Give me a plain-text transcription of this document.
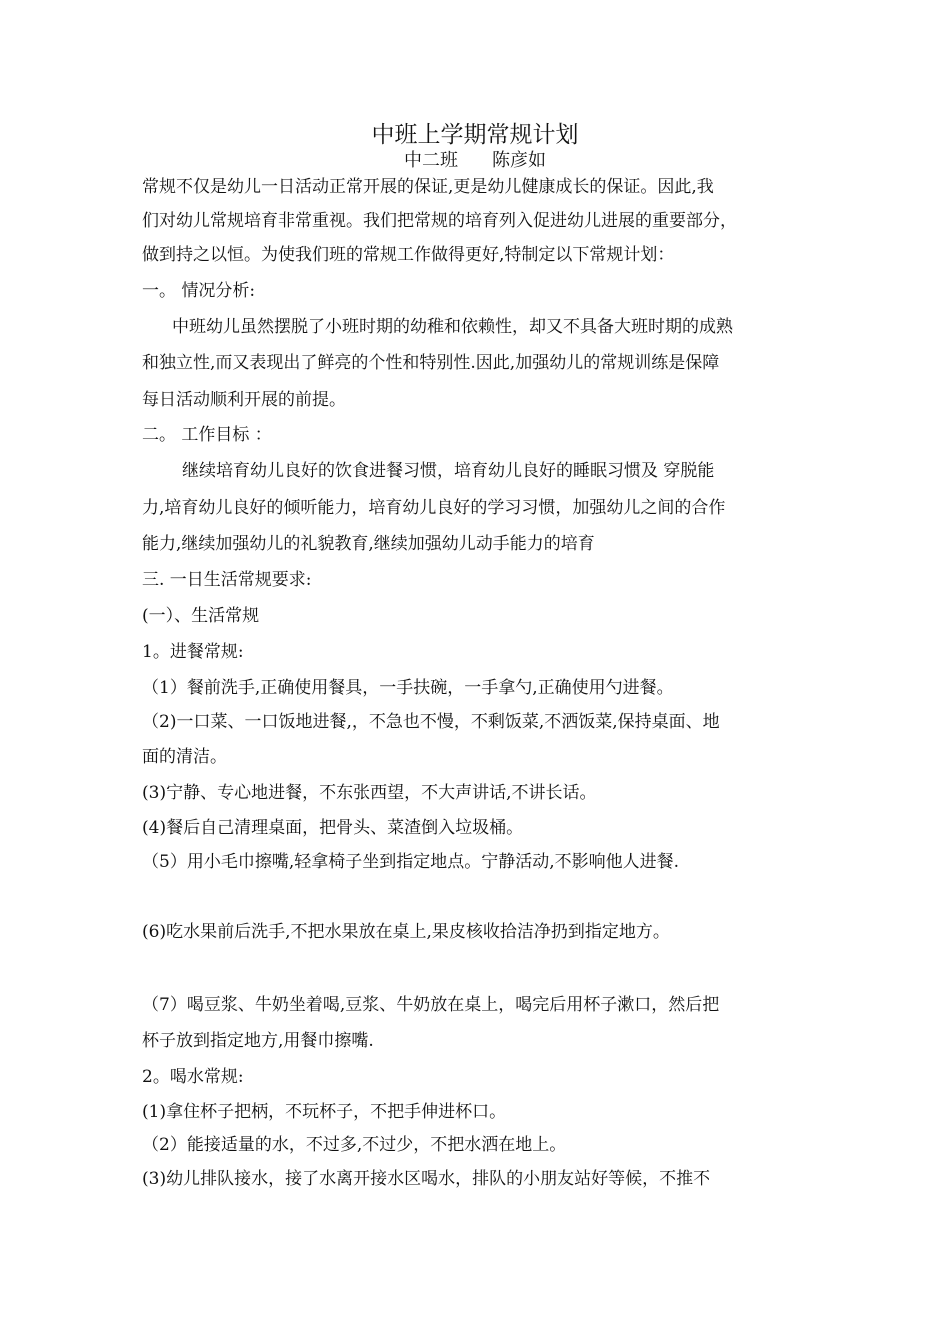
中班上学期常规计划
中二班 陈彦如
常规不仅是幼儿一日活动正常开展的保证,更是幼儿健康成长的保证。因此,我
们对幼儿常规培育非常重视。我们把常规的培育列入促进幼儿进展的重要部分，
做到持之以恒。为使我们班的常规工作做得更好,特制定以下常规计划：
一。 情况分析:
中班幼儿虽然摆脱了小班时期的幼稚和依赖性，却又不具备大班时期的成熟
和独立性,而又表现出了鲜亮的个性和特别性.因此,加强幼儿的常规训练是保障
每日活动顺利开展的前提。
二。 工作目标 ：
继续培育幼儿良好的饮食进餐习惯，培育幼儿良好的睡眠习惯及 穿脱能
力,培育幼儿良好的倾听能力，培育幼儿良好的学习习惯，加强幼儿之间的合作
能力,继续加强幼儿的礼貌教育,继续加强幼儿动手能力的培育
三. 一日生活常规要求:
(一）、生活常规
1。进餐常规:
（1）餐前洗手,正确使用餐具，一手扶碗，一手拿勺,正确使用勺进餐。
（2)一口菜、一口饭地进餐,，不急也不慢，不剩饭菜,不洒饭菜,保持桌面、地
面的清洁。
(3)宁静、专心地进餐，不东张西望，不大声讲话,不讲长话。
(4)餐后自己清理桌面，把骨头、菜渣倒入垃圾桶。
（5）用小毛巾擦嘴,轻拿椅子坐到指定地点。宁静活动,不影响他人进餐.
(6)吃水果前后洗手,不把水果放在桌上,果皮核收拾洁净扔到指定地方。
（7）喝豆浆、牛奶坐着喝,豆浆、牛奶放在桌上，喝完后用杯子漱口，然后把
杯子放到指定地方,用餐巾擦嘴.
2。喝水常规:
(1)拿住杯子把柄，不玩杯子，不把手伸进杯口。
（2）能接适量的水，不过多,不过少，不把水洒在地上。
(3)幼儿排队接水，接了水离开接水区喝水，排队的小朋友站好等候，不推不
